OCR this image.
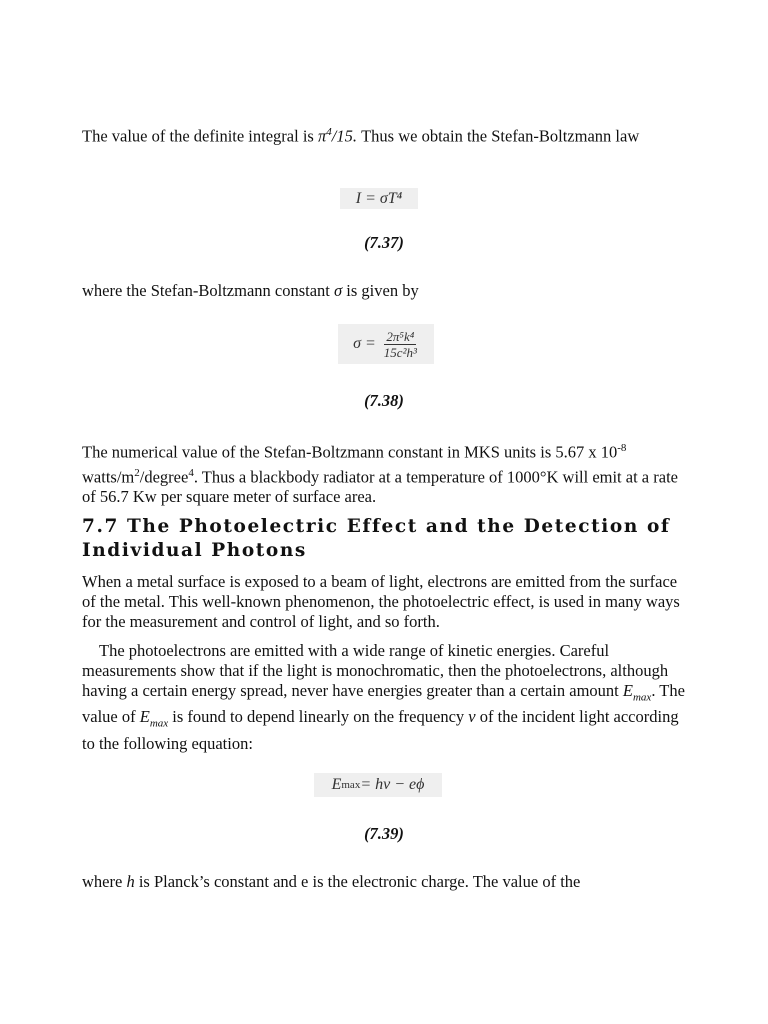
The value of the definite integral is $\pi^4/15$. Thus we obtain the Stefan-Boltzmann law

I = σT⁴
(7.37)

where the Stefan-Boltzmann constant σ is given by

$\sigma = \frac{\text{2π⁵k⁴}}{\text{15c²h³}}$
(7.38)

The numerical value of the Stefan-Boltzmann constant in MKS units is 5.67 x $10^{-8}$ watts/$m^2/degree^4$. Thus a blackbody radiator at a temperature of 1000°K will emit at a rate of 56.7 Kw per square meter of surface area.

7.7 The Photoelectric Effect and the Detection of Individual Photons

When a metal surface is exposed to a beam of light, electrons are emitted from the surface of the metal. This well-known phenomenon, the photoelectric effect, is used in many ways for the measurement and control of light, and so forth.

The photoelectrons are emitted with a wide range of kinetic energies. Careful measurements show that if the light is monochromatic, then the photoelectrons, although having a certain energy spread, never have energies greater than a certain amount $E_{max}$. The value of $E_{max}$ is found to depend linearly on the frequency v of the incident light according to the following equation:

E max = hν − eϕ
(7.39)

where h is Planck’s constant and e is the electronic charge. The value of the
